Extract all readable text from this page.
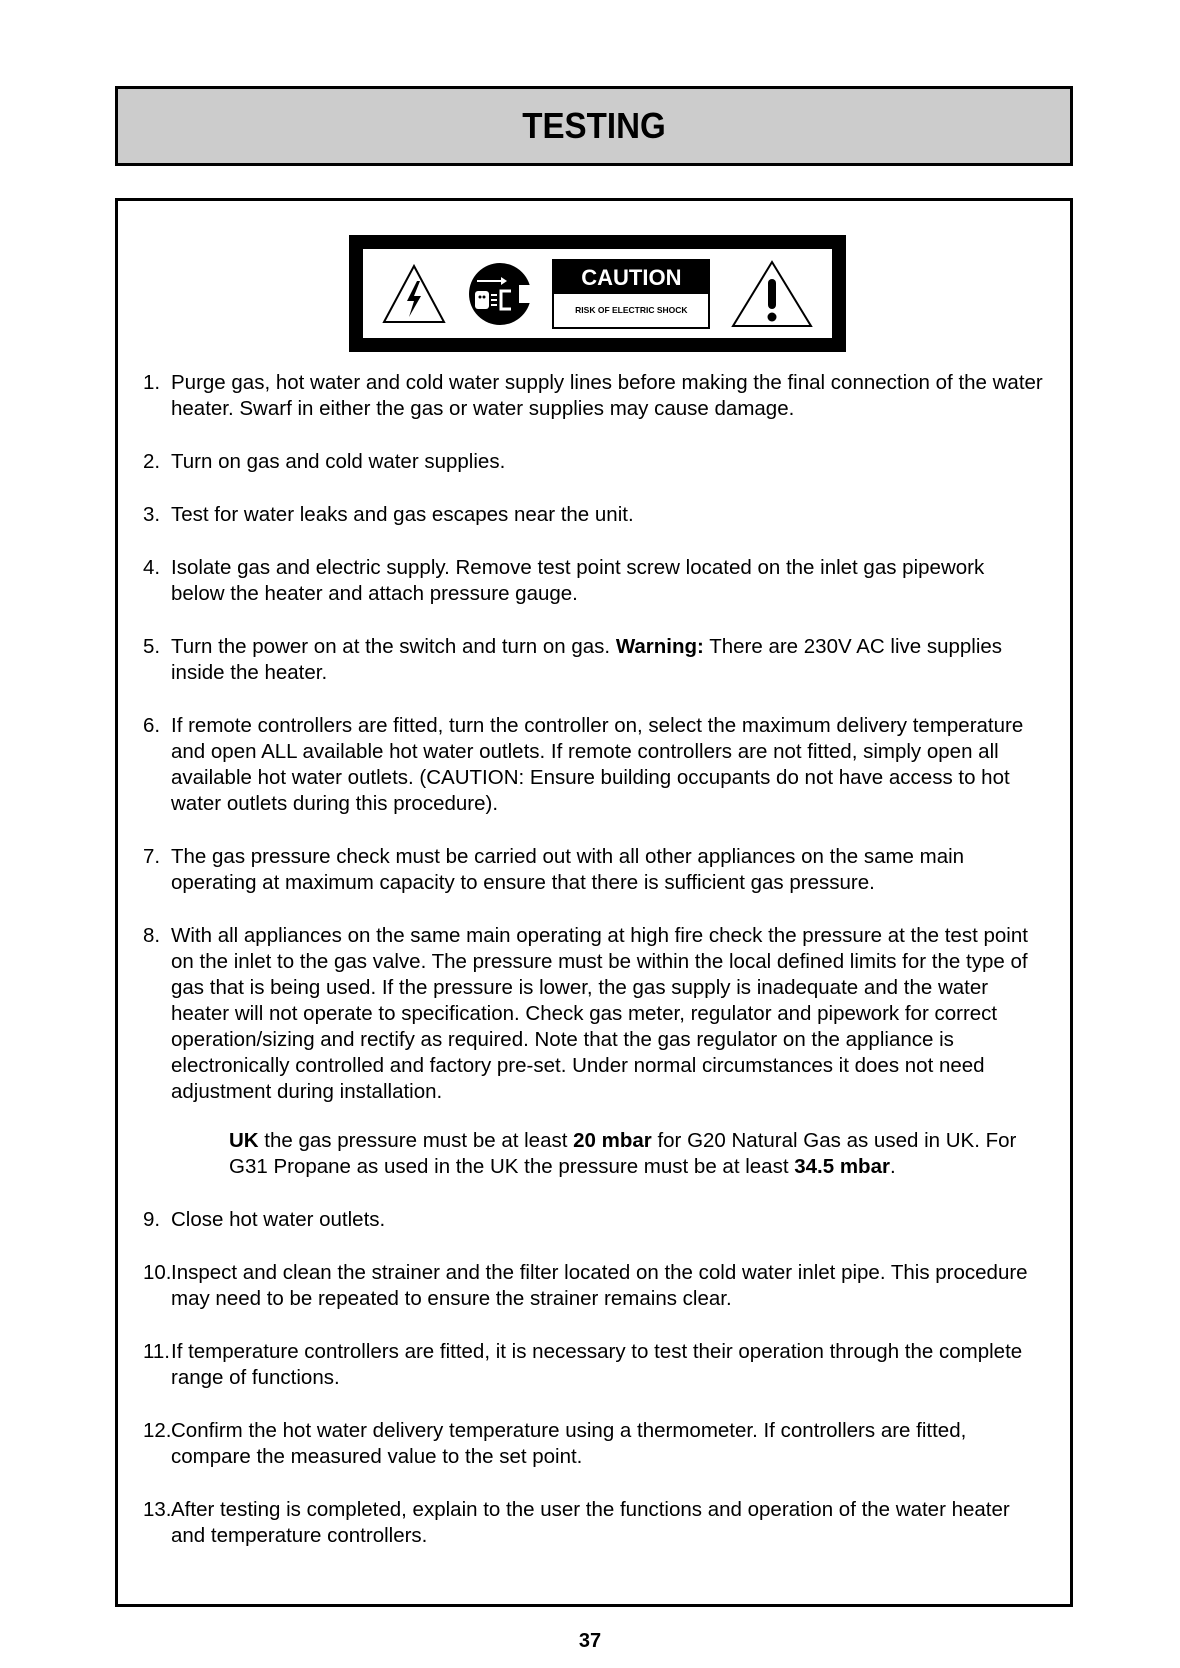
TESTING
CAUTION
RISK OF ELECTRIC SHOCK
1. Purge gas, hot water and cold water supply lines before making the final connection of the water heater. Swarf in either the gas or water supplies may cause damage.
2. Turn on gas and cold water supplies.
3. Test for water leaks and gas escapes near the unit.
4. Isolate gas and electric supply. Remove test point screw located on the inlet gas pipework below the heater and attach pressure gauge.
5. Turn the power on at the switch and turn on gas. Warning: There are 230V AC live supplies inside the heater.
6. If remote controllers are fitted, turn the controller on, select the maximum delivery temperature and open ALL available hot water outlets. If remote controllers are not fitted, simply open all available hot water outlets. (CAUTION: Ensure building occupants do not have access to hot water outlets during this procedure).
7. The gas pressure check must be carried out with all other appliances on the same main operating at maximum capacity to ensure that there is sufficient gas pressure.
8. With all appliances on the same main operating at high fire check the pressure at the test point on the inlet to the gas valve. The pressure must be within the local defined limits for the type of gas that is being used. If the pressure is lower, the gas supply is inadequate and the water heater will not operate to specification. Check gas meter, regulator and pipework for correct operation/sizing and rectify as required. Note that the gas regulator on the appliance is electronically controlled and factory pre-set. Under normal circumstances it does not need adjustment during installation.
UK the gas pressure must be at least 20 mbar for G20 Natural Gas as used in UK. For G31 Propane as used in the UK the pressure must be at least 34.5 mbar.
9. Close hot water outlets.
10. Inspect and clean the strainer and the filter located on the cold water inlet pipe. This procedure may need to be repeated to ensure the strainer remains clear.
11. If temperature controllers are fitted, it is necessary to test their operation through the complete range of functions.
12. Confirm the hot water delivery temperature using a thermometer. If controllers are fitted, compare the measured value to the set point.
13. After testing is completed, explain to the user the functions and operation of the water heater and temperature controllers.
37
